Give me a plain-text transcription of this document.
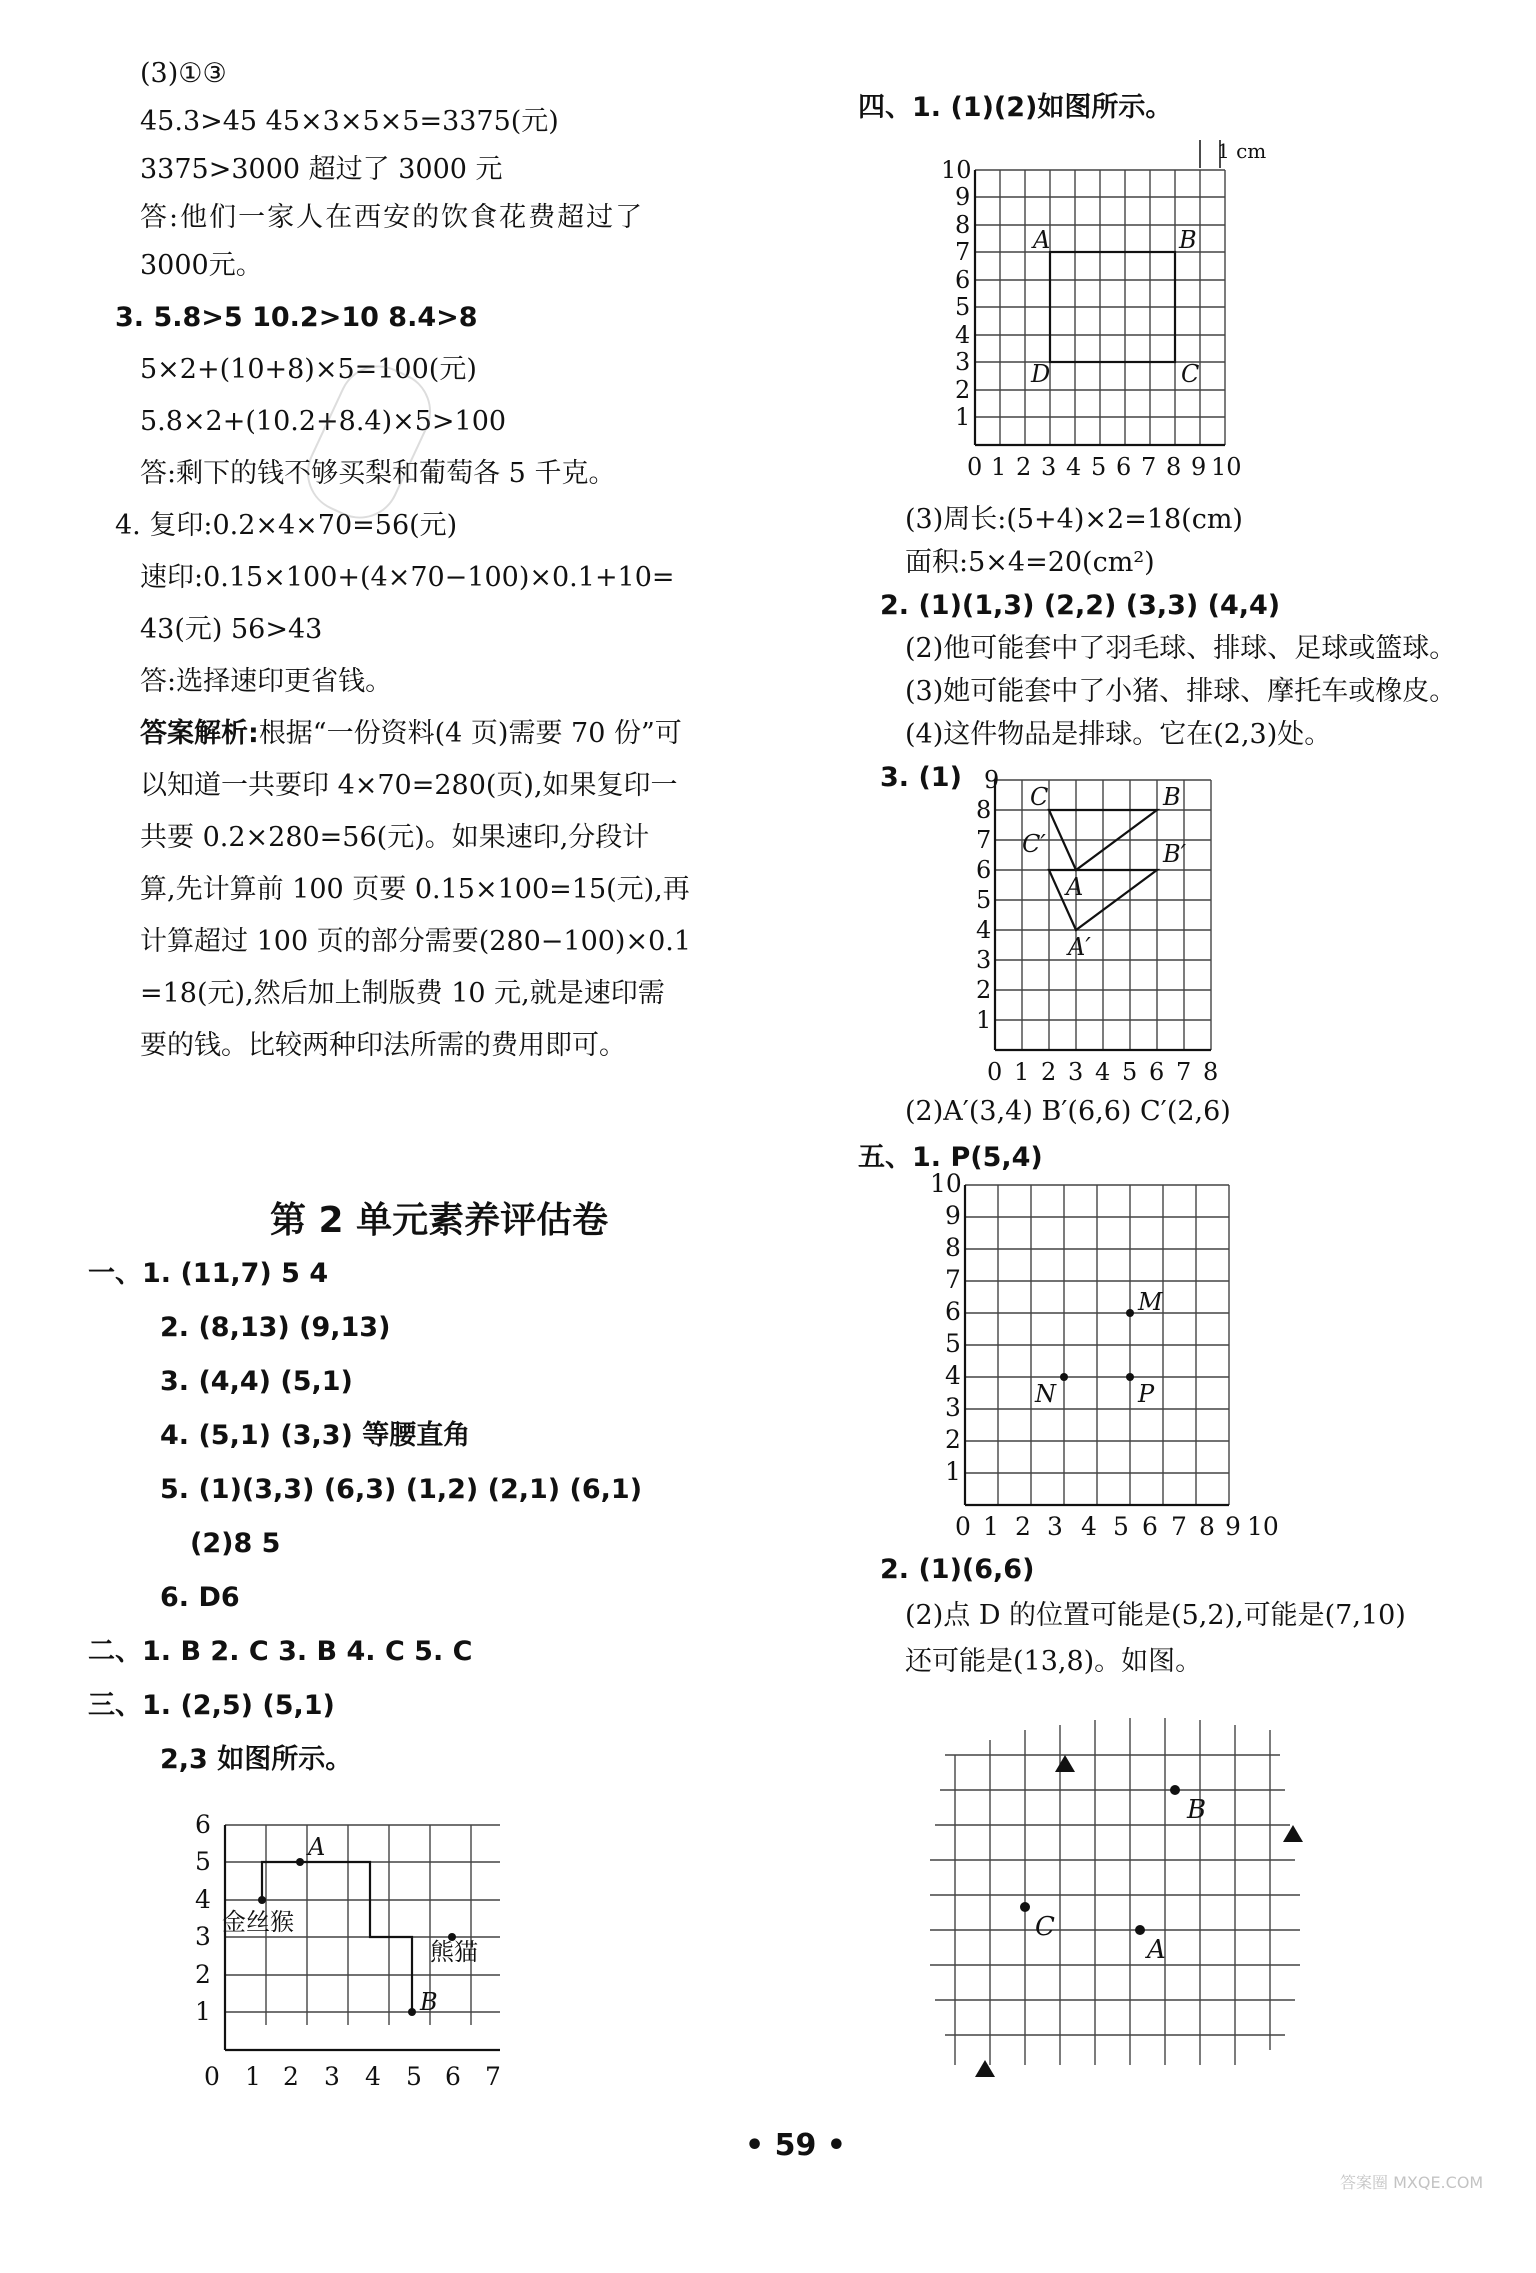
(3)①③
45.3>45 45×3×5×5=3375(元)
3375>3000 超过了 3000 元
答:他们一家人在西安的饮食花费超过了
3000元。
3. 5.8>5 10.2>10 8.4>8
5×2+(10+8)×5=100(元)
5.8×2+(10.2+8.4)×5>100
答:剩下的钱不够买梨和葡萄各 5 千克。
4. 复印:0.2×4×70=56(元)
速印:0.15×100+(4×70−100)×0.1+10=
43(元) 56>43
答:选择速印更省钱。
答案解析:根据“一份资料(4 页)需要 70 份”可
以知道一共要印 4×70=280(页),如果复印一
共要 0.2×280=56(元)。如果速印,分段计
算,先计算前 100 页要 0.15×100=15(元),再
计算超过 100 页的部分需要(280−100)×0.1
=18(元),然后加上制版费 10 元,就是速印需
要的钱。比较两种印法所需的费用即可。
第 2 单元素养评估卷
一、1. (11,7) 5 4
2. (8,13) (9,13)
3. (4,4) (5,1)
4. (5,1) (3,3) 等腰直角
5. (1)(3,3) (6,3) (1,2) (2,1) (6,1)
(2)8 5
6. D6
二、1. B 2. C 3. B 4. C 5. C
三、1. (2,5) (5,1)
2,3 如图所示。
A
B
金丝猴
熊猫
0 1 2 3 4 5 6 7
1
2
3
4
5
6
四、1. (1)(2)如图所示。
A	B
C
D
1 cm
0 1 2 3 4 5 6 7 8 9 10
1
2
3
4
5
6
7
8
9
10
(3)周长:(5+4)×2=18(cm)
面积:5×4=20(cm²)
2. (1)(1,3) (2,2) (3,3) (4,4)
(2)他可能套中了羽毛球、排球、足球或篮球。
(3)她可能套中了小猪、排球、摩托车或橡皮。
(4)这件物品是排球。它在(2,3)处。
3. (1)
C	B
C′	B′
A
A′
0 1 2 3 4 5 6 7 8
1
2
3
4
5
6
7
8
9
(2)A′(3,4) B′(6,6) C′(2,6)
五、1. P(5,4)
M
N	P
0 1 2 3 4 5 6 7 8 9 10
1
2
3
4
5
6
7
8
9
10
2. (1)(6,6)
(2)点 D 的位置可能是(5,2),可能是(7,10)
还可能是(13,8)。如图。
B
C
A
• 59 •
答案圈 MXQE.COM
